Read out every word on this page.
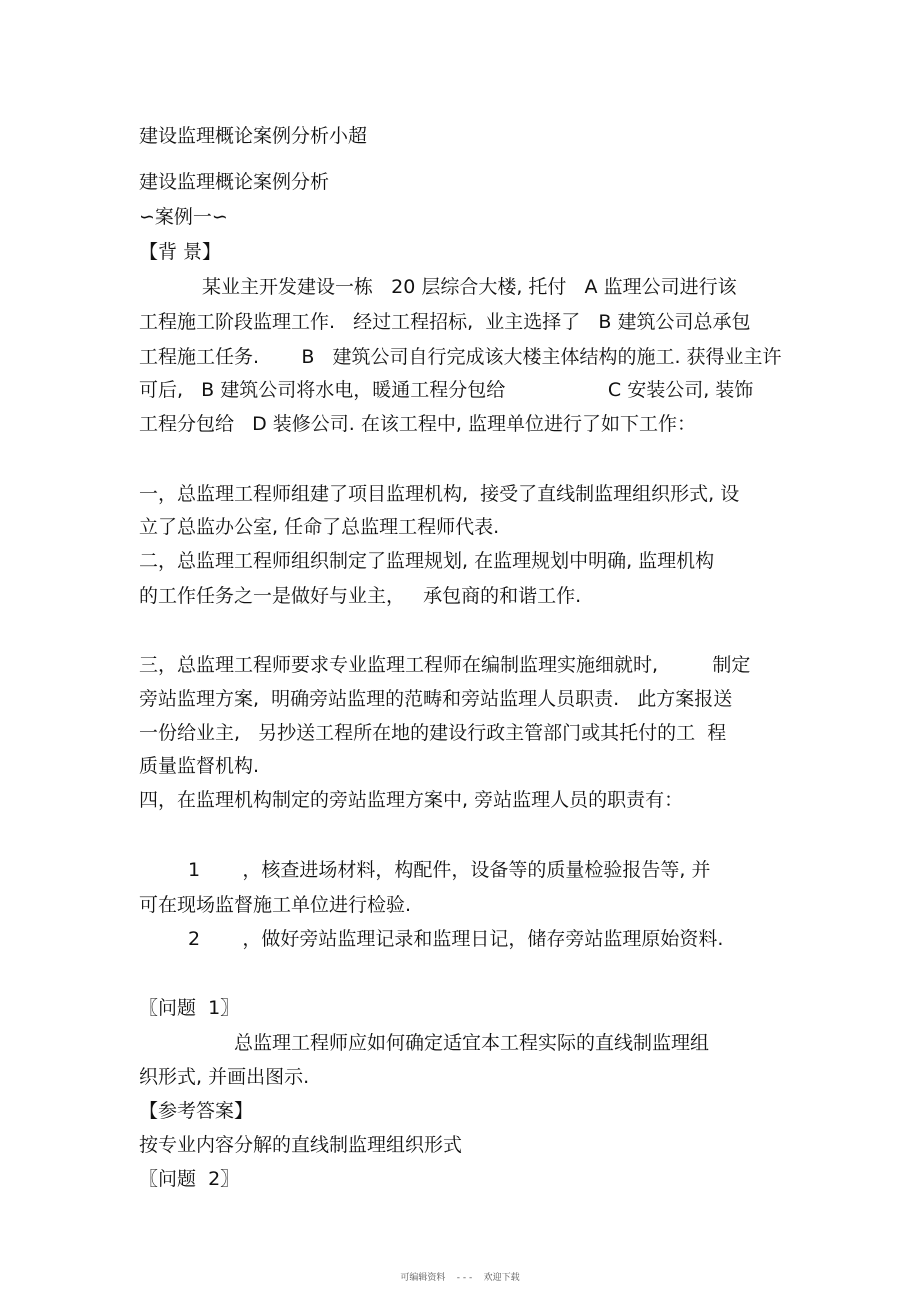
建设监理概论案例分析小超
建设监理概论案例分析
∽案例一∽
【背 景】
某业主开发建设一栋   20 层综合大楼, 托付   A 监理公司进行该
工程施工阶段监理工作.   经过工程招标,  业主选择了   B 建筑公司总承包
工程施工任务.       B   建筑公司自行完成该大楼主体结构的施工. 获得业主许
可后,   B 建筑公司将水电，暖通工程分包给                 C 安装公司, 装饰
工程分包给   D 装修公司. 在该工程中, 监理单位进行了如下工作：
一，总监理工程师组建了项目监理机构,  接受了直线制监理组织形式, 设
立了总监办公室, 任命了总监理工程师代表.
二，总监理工程师组织制定了监理规划, 在监理规划中明确, 监理机构
的工作任务之一是做好与业主，   承包商的和谐工作.
三，总监理工程师要求专业监理工程师在编制监理实施细就时,         制定
旁站监理方案,  明确旁站监理的范畴和旁站监理人员职责.   此方案报送
一份给业主,   另抄送工程所在地的建设行政主管部门或其托付的工  程
质量监督机构.
四，在监理机构制定的旁站监理方案中, 旁站监理人员的职责有：
1       ，核查进场材料，构配件，设备等的质量检验报告等, 并
可在现场监督施工单位进行检验.
2       ，做好旁站监理记录和监理日记，储存旁站监理原始资料.
〖问题  1〗
总监理工程师应如何确定适宜本工程实际的直线制监理组
织形式, 并画出图示.
【参考答案】
按专业内容分解的直线制监理组织形式
〖问题  2〗
可编辑资料    - - -    欢迎下载
